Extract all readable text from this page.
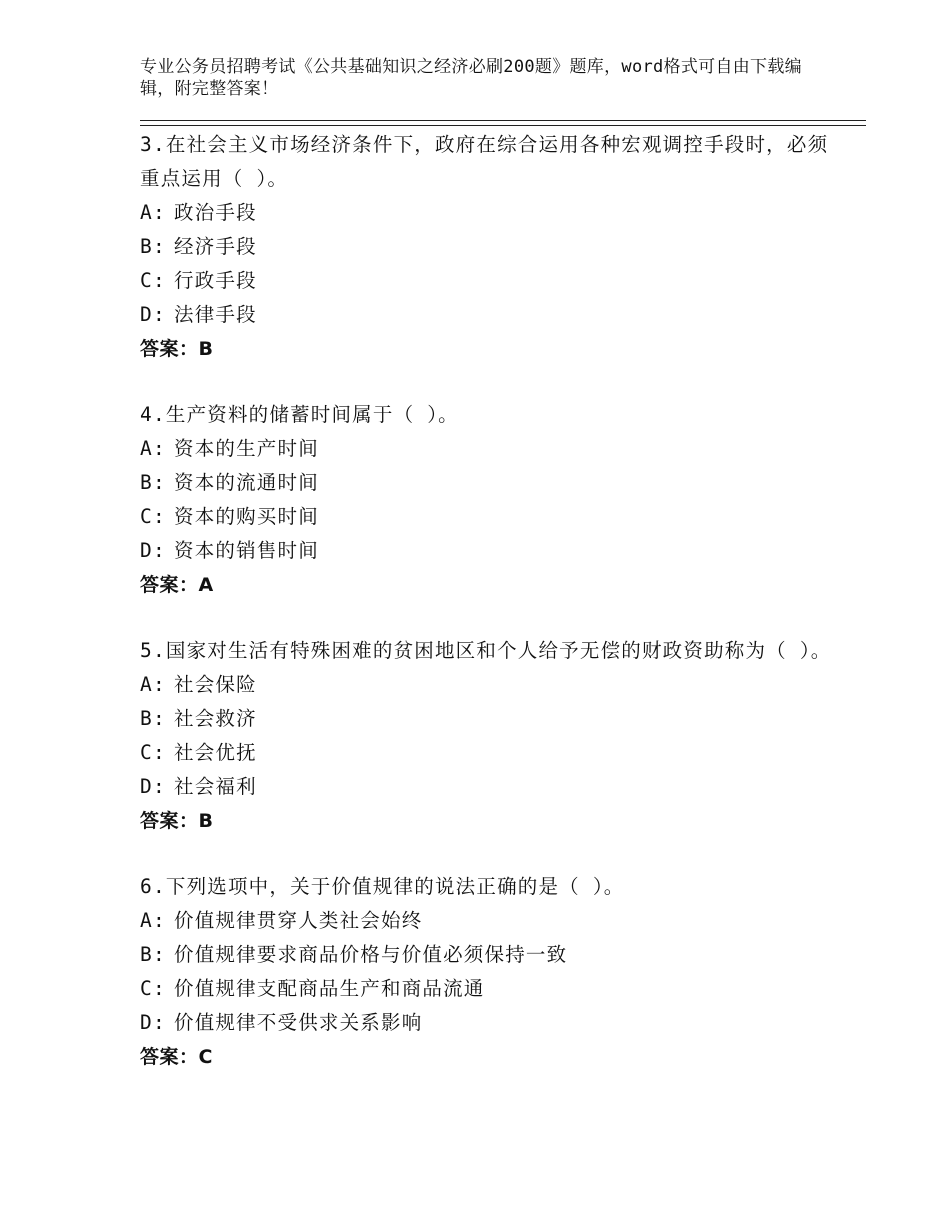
专业公务员招聘考试《公共基础知识之经济必刷200题》题库，word格式可自由下载编辑，附完整答案！

3.在社会主义市场经济条件下，政府在综合运用各种宏观调控手段时，必须重点运用（ ）。

A: 政治手段

B: 经济手段

C: 行政手段

D: 法律手段

答案：B

4.生产资料的储蓄时间属于（ ）。

A: 资本的生产时间

B: 资本的流通时间

C: 资本的购买时间

D: 资本的销售时间

答案：A

5.国家对生活有特殊困难的贫困地区和个人给予无偿的财政资助称为（ ）。

A: 社会保险

B: 社会救济

C: 社会优抚

D: 社会福利

答案：B

6.下列选项中，关于价值规律的说法正确的是（ ）。

A: 价值规律贯穿人类社会始终

B: 价值规律要求商品价格与价值必须保持一致

C: 价值规律支配商品生产和商品流通

D: 价值规律不受供求关系影响

答案：C
